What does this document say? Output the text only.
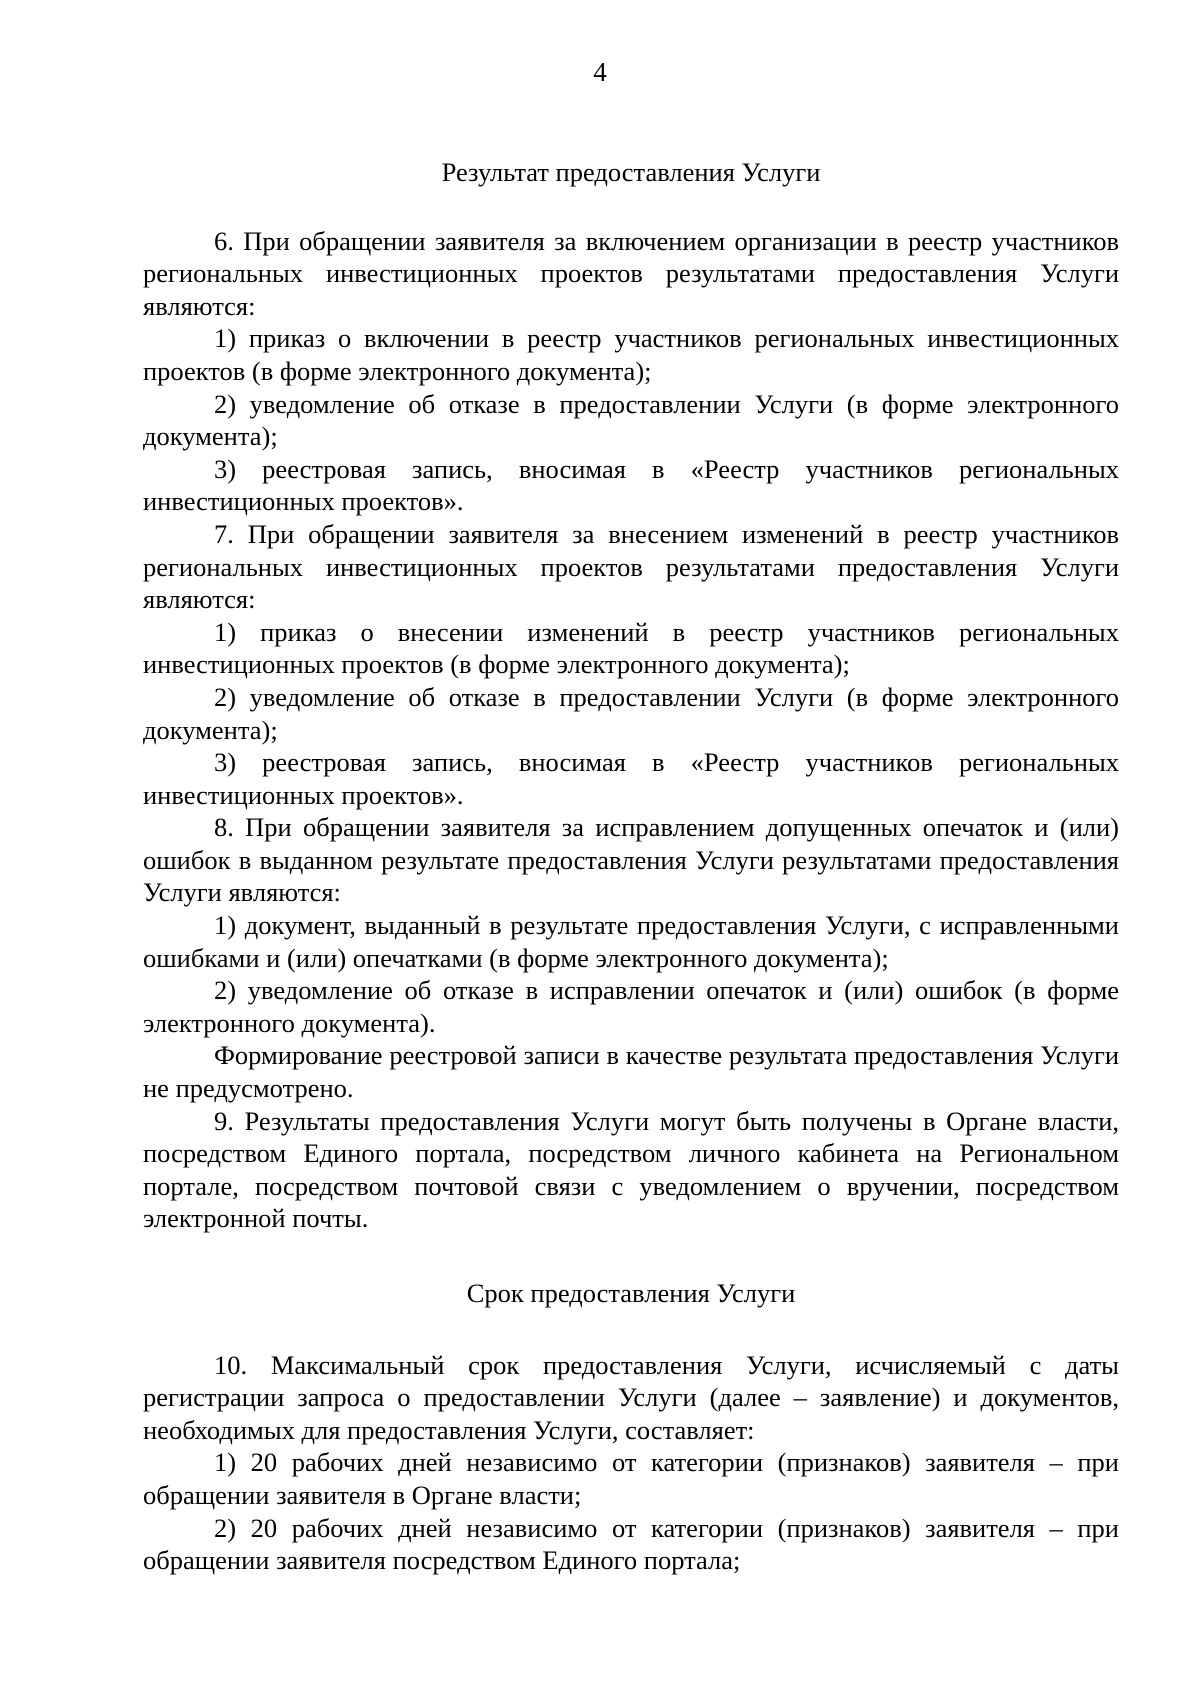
4
Результат предоставления Услуги

6. При обращении заявителя за включением организации в реестр участников региональных инвестиционных проектов результатами предоставления Услуги являются:

1) приказ о включении в реестр участников региональных инвестиционных проектов (в форме электронного документа);

2) уведомление об отказе в предоставлении Услуги (в форме электронного документа);

3) реестровая запись, вносимая в «Реестр участников региональных инвестиционных проектов».

7. При обращении заявителя за внесением изменений в реестр участников региональных инвестиционных проектов результатами предоставления Услуги являются:

1) приказ о внесении изменений в реестр участников региональных инвестиционных проектов (в форме электронного документа);

2) уведомление об отказе в предоставлении Услуги (в форме электронного документа);

3) реестровая запись, вносимая в «Реестр участников региональных инвестиционных проектов».

8. При обращении заявителя за исправлением допущенных опечаток и (или) ошибок в выданном результате предоставления Услуги результатами предоставления Услуги являются:

1) документ, выданный в результате предоставления Услуги, с исправленными ошибками и (или) опечатками (в форме электронного документа);

2) уведомление об отказе в исправлении опечаток и (или) ошибок (в форме электронного документа).

Формирование реестровой записи в качестве результата предоставления Услуги не предусмотрено.

9. Результаты предоставления Услуги могут быть получены в Органе власти, посредством Единого портала, посредством личного кабинета на Региональном портале, посредством почтовой связи с уведомлением о вручении, посредством электронной почты.

Срок предоставления Услуги

10. Максимальный срок предоставления Услуги, исчисляемый с даты регистрации запроса о предоставлении Услуги (далее – заявление) и документов, необходимых для предоставления Услуги, составляет:

1) 20 рабочих дней независимо от категории (признаков) заявителя – при обращении заявителя в Органе власти;

2) 20 рабочих дней независимо от категории (признаков) заявителя – при обращении заявителя посредством Единого портала;
